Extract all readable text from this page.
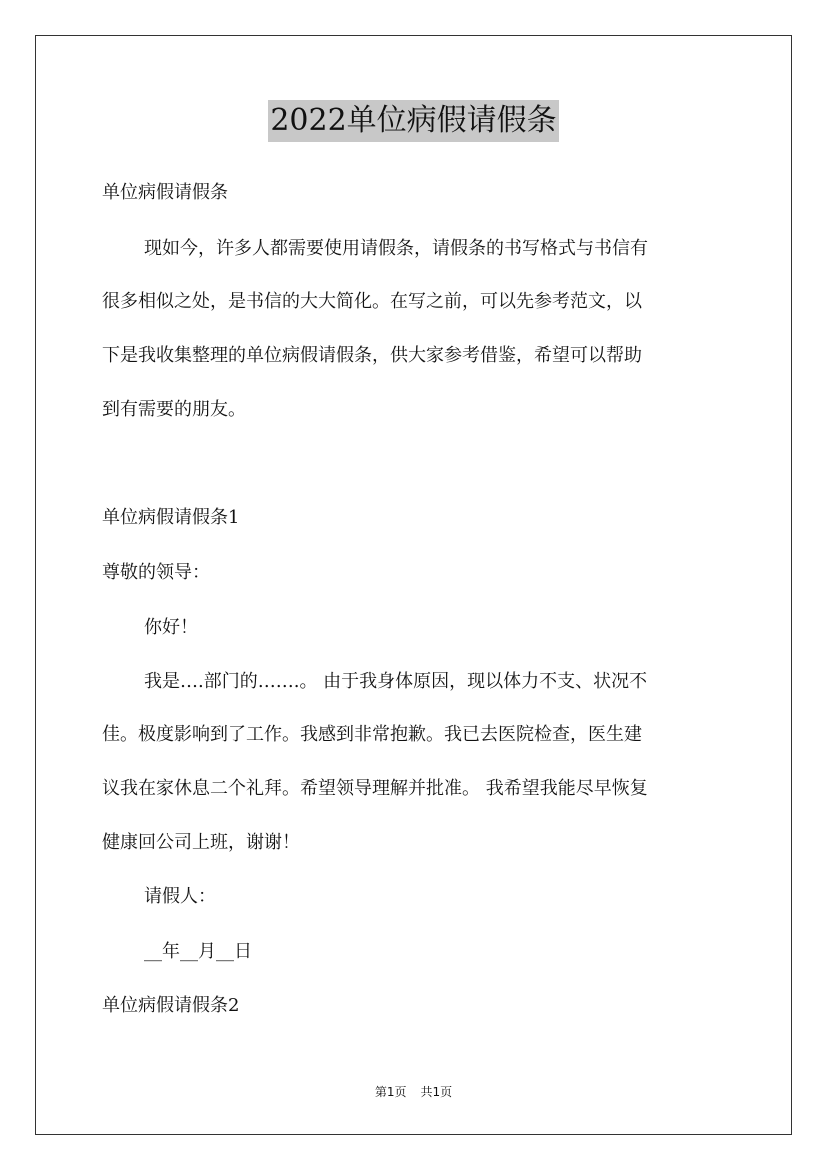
2022单位病假请假条
单位病假请假条
现如今，许多人都需要使用请假条，请假条的书写格式与书信有
很多相似之处，是书信的大大简化。在写之前，可以先参考范文，以
下是我收集整理的单位病假请假条，供大家参考借鉴，希望可以帮助
到有需要的朋友。
单位病假请假条1
尊敬的领导：
你好！
我是….部门的…….。 由于我身体原因，现以体力不支、状况不
佳。极度影响到了工作。我感到非常抱歉。我已去医院检查，医生建
议我在家休息二个礼拜。希望领导理解并批准。 我希望我能尽早恢复
健康回公司上班，谢谢！
请假人：
__年__月__日
单位病假请假条2
第1页 共1页
